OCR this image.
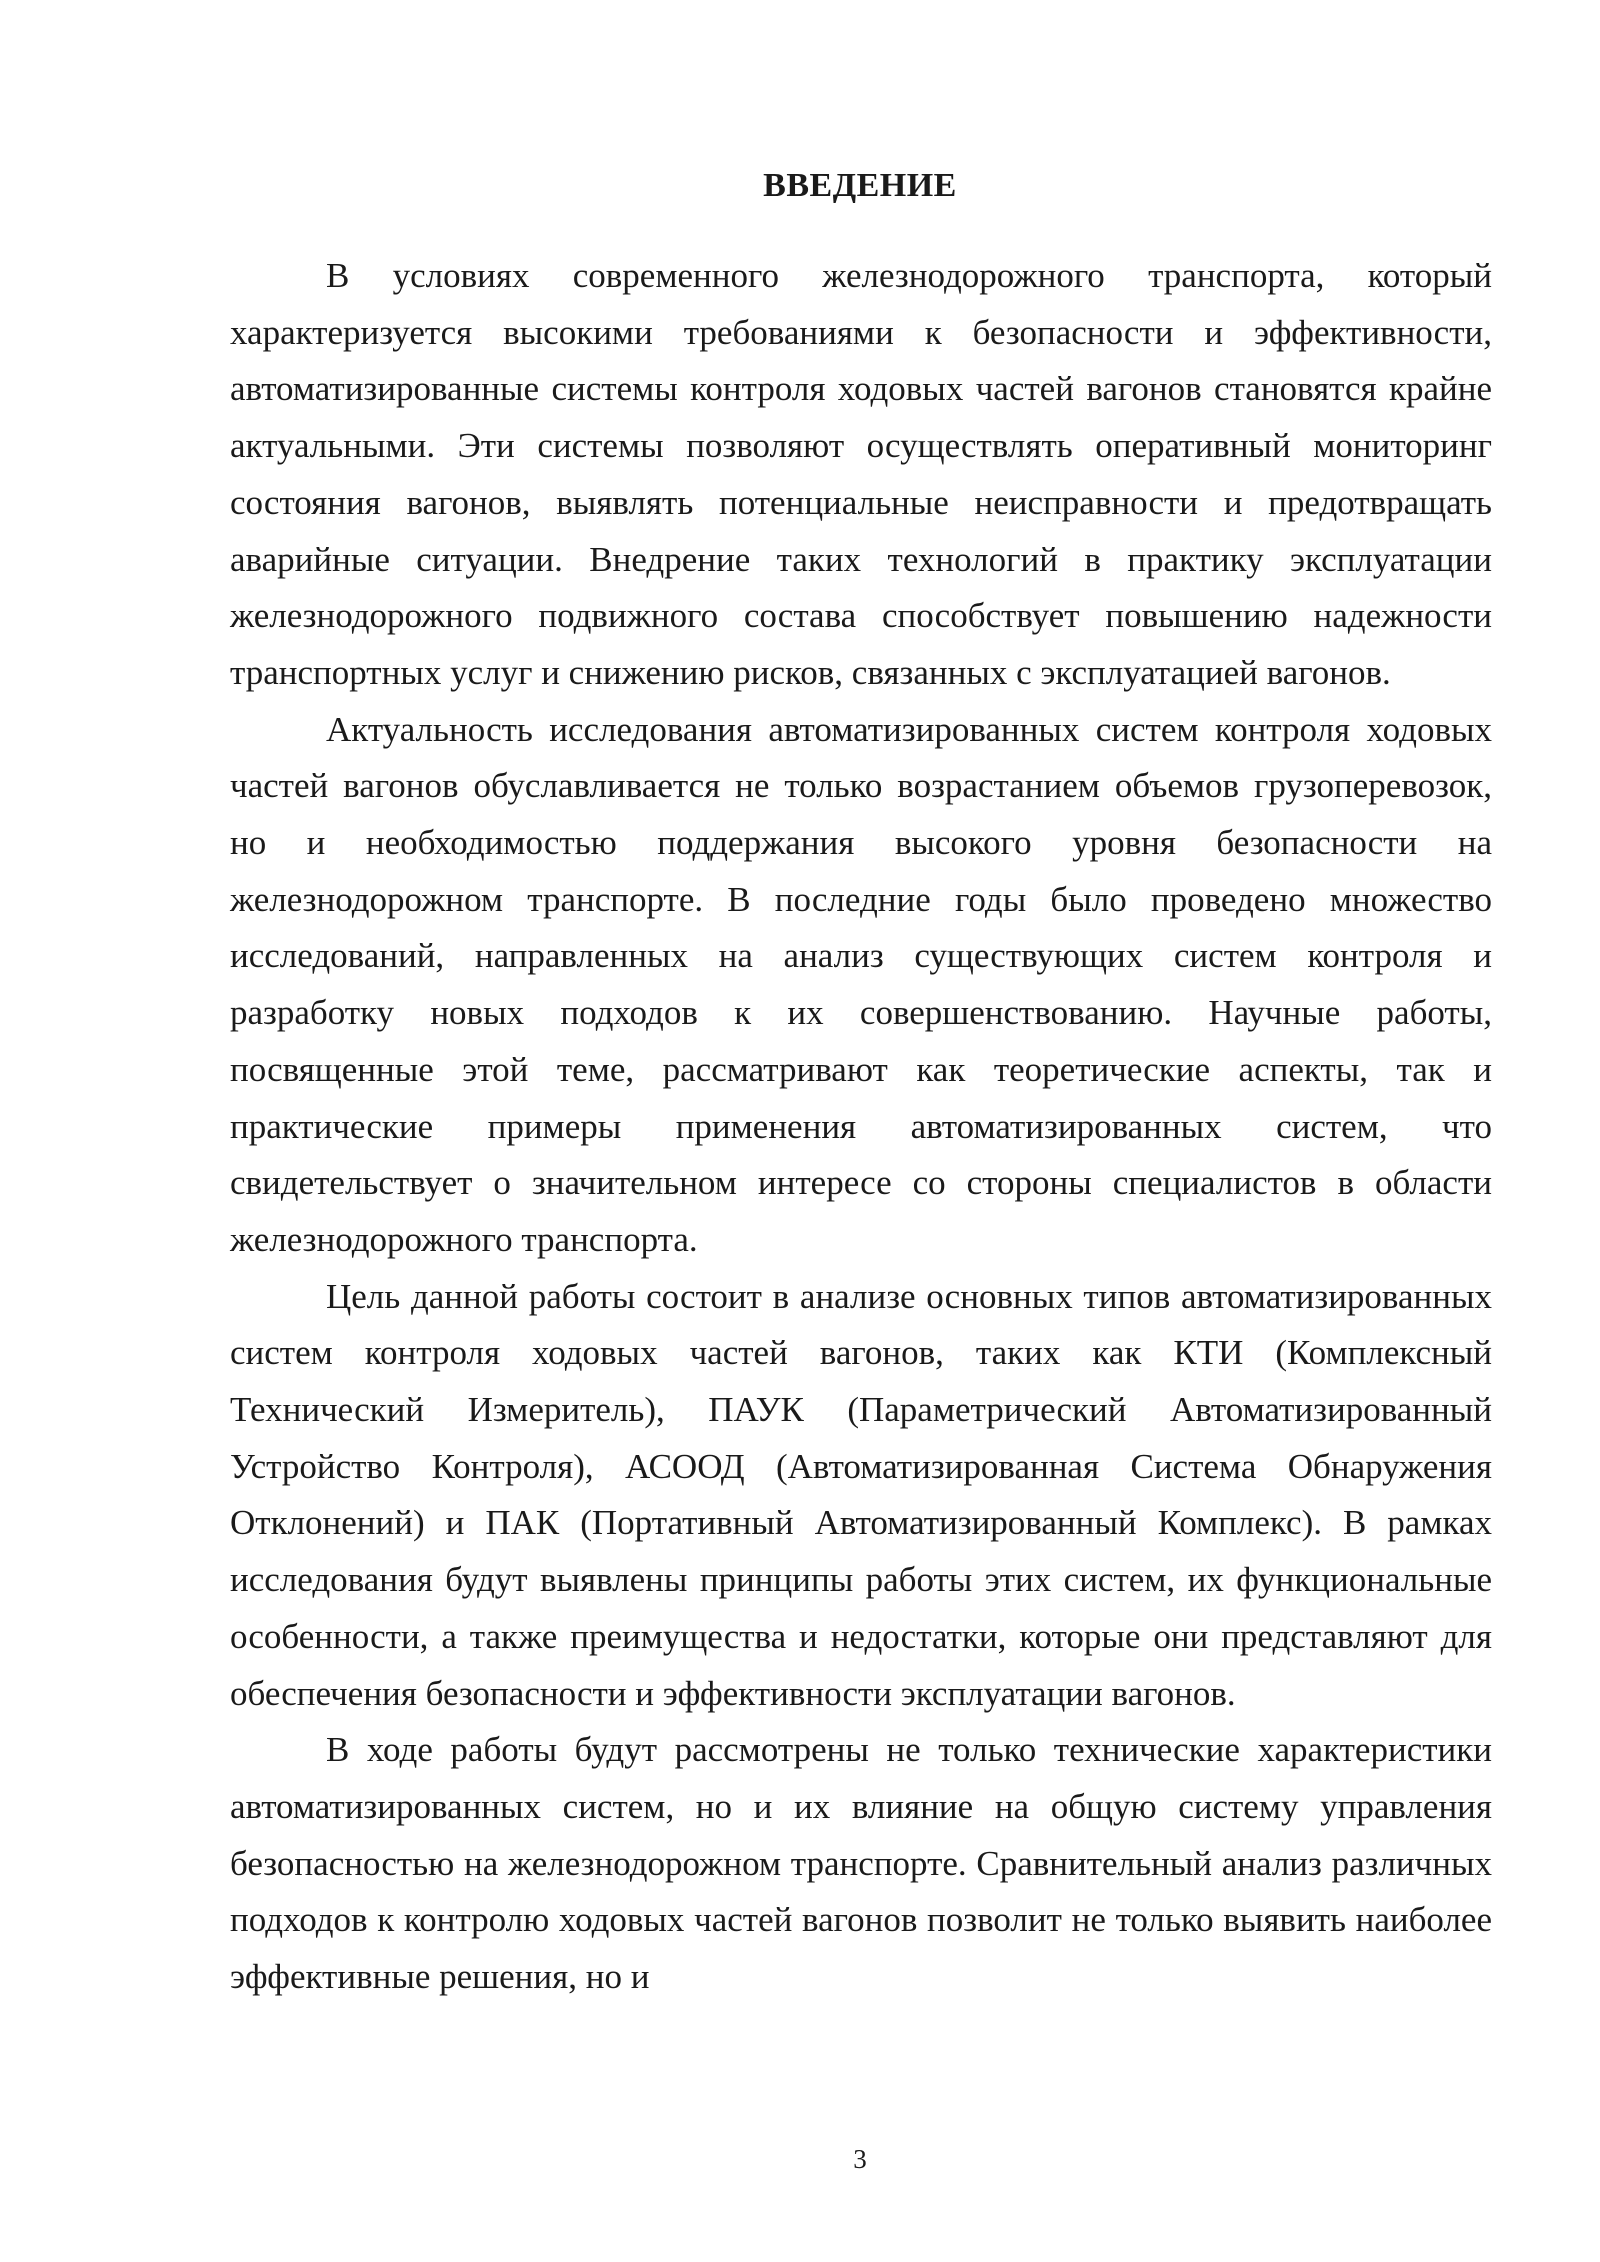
ВВЕДЕНИЕ

В условиях современного железнодорожного транспорта, который характеризуется высокими требованиями к безопасности и эффективности, автоматизированные системы контроля ходовых частей вагонов становятся крайне актуальными. Эти системы позволяют осуществлять оперативный мониторинг состояния вагонов, выявлять потенциальные неисправности и предотвращать аварийные ситуации. Внедрение таких технологий в практику эксплуатации железнодорожного подвижного состава способствует повышению надежности транспортных услуг и снижению рисков, связанных с эксплуатацией вагонов.

Актуальность исследования автоматизированных систем контроля ходовых частей вагонов обуславливается не только возрастанием объемов грузоперевозок, но и необходимостью поддержания высокого уровня безопасности на железнодорожном транспорте. В последние годы было проведено множество исследований, направленных на анализ существующих систем контроля и разработку новых подходов к их совершенствованию. Научные работы, посвященные этой теме, рассматривают как теоретические аспекты, так и практические примеры применения автоматизированных систем, что свидетельствует о значительном интересе со стороны специалистов в области железнодорожного транспорта.

Цель данной работы состоит в анализе основных типов автоматизированных систем контроля ходовых частей вагонов, таких как КТИ (Комплексный Технический Измеритель), ПАУК (Параметрический Автоматизированный Устройство Контроля), АСООД (Автоматизированная Система Обнаружения Отклонений) и ПАК (Портативный Автоматизированный Комплекс). В рамках исследования будут выявлены принципы работы этих систем, их функциональные особенности, а также преимущества и недостатки, которые они представляют для обеспечения безопасности и эффективности эксплуатации вагонов.

В ходе работы будут рассмотрены не только технические характеристики автоматизированных систем, но и их влияние на общую систему управления безопасностью на железнодорожном транспорте. Сравнительный анализ различных подходов к контролю ходовых частей вагонов позволит не только выявить наиболее эффективные решения, но и

3
